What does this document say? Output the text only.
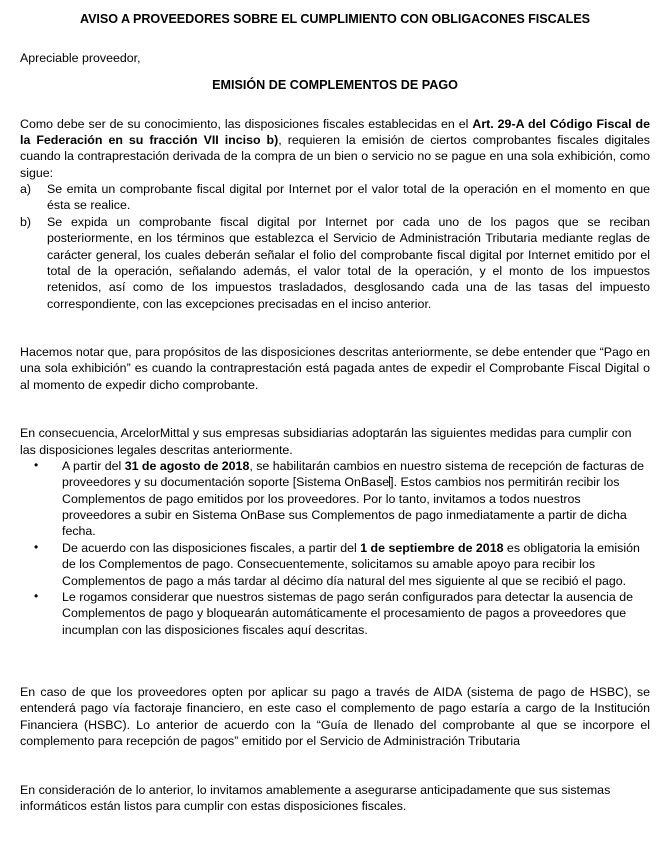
AVISO A PROVEEDORES SOBRE EL CUMPLIMIENTO CON OBLIGACONES FISCALES

Apreciable proveedor,

EMISIÓN DE COMPLEMENTOS DE PAGO

Como debe ser de su conocimiento, las disposiciones fiscales establecidas en el Art. 29-A del Código Fiscal de la Federación en su fracción VII inciso b), requieren la emisión de ciertos comprobantes fiscales digitales cuando la contraprestación derivada de la compra de un bien o servicio no se pague en una sola exhibición, como sigue:

a)	Se emita un comprobante fiscal digital por Internet por el valor total de la operación en el momento en que ésta se realice.
b)	Se expida un comprobante fiscal digital por Internet por cada uno de los pagos que se reciban posteriormente, en los términos que establezca el Servicio de Administración Tributaria mediante reglas de carácter general, los cuales deberán señalar el folio del comprobante fiscal digital por Internet emitido por el total de la operación, señalando además, el valor total de la operación, y el monto de los impuestos retenidos, así como de los impuestos trasladados, desglosando cada una de las tasas del impuesto correspondiente, con las excepciones precisadas en el inciso anterior.

Hacemos notar que, para propósitos de las disposiciones descritas anteriormente, se debe entender que “Pago en una sola exhibición” es cuando la contraprestación está pagada antes de expedir el Comprobante Fiscal Digital o al momento de expedir dicho comprobante.

En consecuencia, ArcelorMittal y sus empresas subsidiarias adoptarán las siguientes medidas para cumplir con las disposiciones legales descritas anteriormente.

• A partir del 31 de agosto de 2018, se habilitarán cambios en nuestro sistema de recepción de facturas de proveedores y su documentación soporte [Sistema OnBase]. Estos cambios nos permitirán recibir los Complementos de pago emitidos por los proveedores. Por lo tanto, invitamos a todos nuestros proveedores a subir en Sistema OnBase sus Complementos de pago inmediatamente a partir de dicha fecha.
• De acuerdo con las disposiciones fiscales, a partir del 1 de septiembre de 2018 es obligatoria la emisión de los Complementos de pago. Consecuentemente, solicitamos su amable apoyo para recibir los Complementos de pago a más tardar al décimo día natural del mes siguiente al que se recibió el pago.
• Le rogamos considerar que nuestros sistemas de pago serán configurados para detectar la ausencia de Complementos de pago y bloquearán automáticamente el procesamiento de pagos a proveedores que incumplan con las disposiciones fiscales aquí descritas.

En caso de que los proveedores opten por aplicar su pago a través de AIDA (sistema de pago de HSBC), se entenderá pago vía factoraje financiero, en este caso el complemento de pago estaría a cargo de la Institución Financiera (HSBC). Lo anterior de acuerdo con la “Guía de llenado del comprobante al que se incorpore el complemento para recepción de pagos” emitido por el Servicio de Administración Tributaria

En consideración de lo anterior, lo invitamos amablemente a asegurarse anticipadamente que sus sistemas informáticos están listos para cumplir con estas disposiciones fiscales.
